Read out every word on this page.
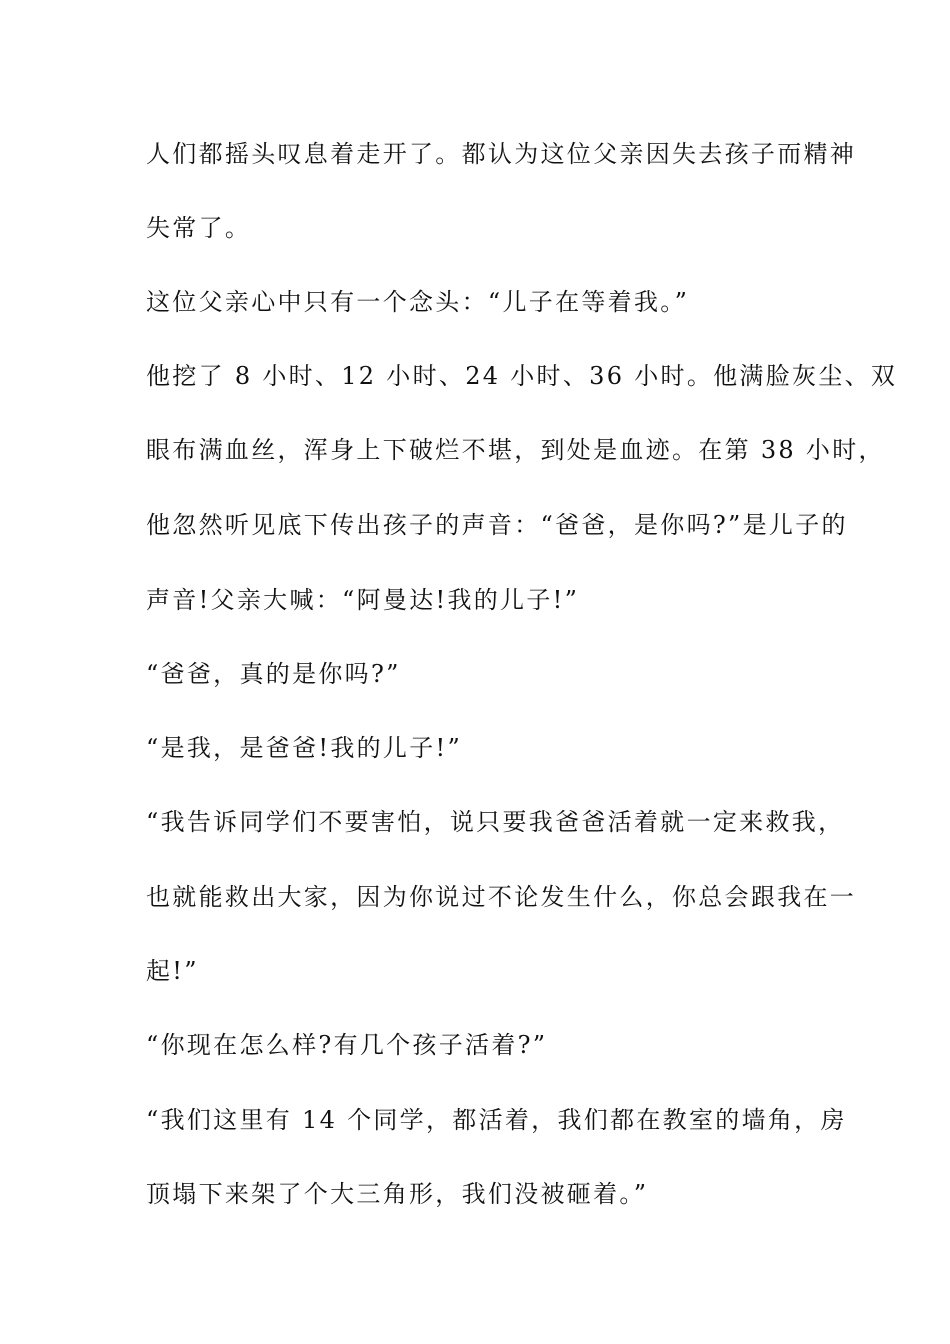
人们都摇头叹息着走开了。都认为这位父亲因失去孩子而精神
失常了。
这位父亲心中只有一个念头：“儿子在等着我。”
他挖了 8 小时、12 小时、24 小时、36 小时。他满脸灰尘、双
眼布满血丝，浑身上下破烂不堪，到处是血迹。在第 38 小时，
他忽然听见底下传出孩子的声音：“爸爸，是你吗?”是儿子的
声音!父亲大喊：“阿曼达!我的儿子!”
“爸爸，真的是你吗?”
“是我，是爸爸!我的儿子!”
“我告诉同学们不要害怕，说只要我爸爸活着就一定来救我，
也就能救出大家，因为你说过不论发生什么，你总会跟我在一
起!”
“你现在怎么样?有几个孩子活着?”
“我们这里有 14 个同学，都活着，我们都在教室的墙角，房
顶塌下来架了个大三角形，我们没被砸着。”
